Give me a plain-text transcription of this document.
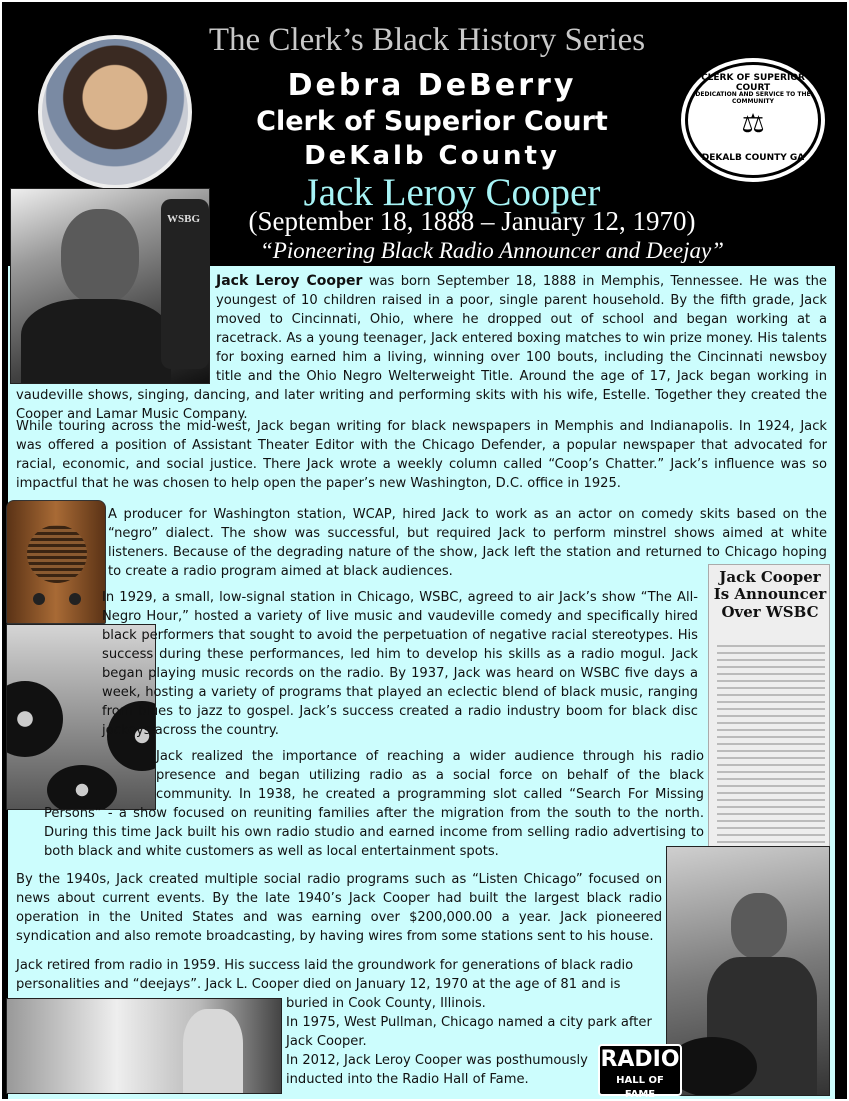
The Clerk’s Black History Series
Debra DeBerry
Clerk of Superior Court
DeKalb County
CLERK OF SUPERIOR COURT
DEDICATION AND SERVICE TO THE COMMUNITY
⚖
DEKALB COUNTY GA
Jack Leroy Cooper
(September 18, 1888 – January 12, 1970)
“Pioneering Black Radio Announcer and Deejay”
WSBG
Jack Leroy Cooper was born September 18, 1888 in Memphis, Tennessee. He was the youngest of 10 children raised in a poor, single parent household. By the fifth grade, Jack moved to Cincinnati, Ohio, where he dropped out of school and began working at a racetrack. As a young teenager, Jack entered boxing matches to win prize money. His talents for boxing earned him a living, winning over 100 bouts, including the Cincinnati newsboy title and the Ohio Negro Welterweight Title. Around the age of 17, Jack began working in vaudeville shows, singing, dancing, and later writing and performing skits with his wife, Estelle. Together they created the Cooper and Lamar Music Company.
While touring across the mid-west, Jack began writing for black newspapers in Memphis and Indianapolis. In 1924, Jack was offered a position of Assistant Theater Editor with the Chicago Defender, a popular newspaper that advocated for racial, economic, and social justice. There Jack wrote a weekly column called “Coop’s Chatter.” Jack’s influence was so impactful that he was chosen to help open the paper’s new Washington, D.C. office in 1925.
A producer for Washington station, WCAP, hired Jack to work as an actor on comedy skits based on the “negro” dialect. The show was successful, but required Jack to perform minstrel shows aimed at white listeners. Because of the degrading nature of the show, Jack left the station and returned to Chicago hoping to create a radio program aimed at black audiences.	Jack Cooper
Is Announcer
Over WSBC
In 1929, a small, low-signal station in Chicago, WSBC, agreed to air Jack’s show “The All-Negro Hour,” hosted a variety of live music and vaudeville comedy and specifically hired black performers that sought to avoid the perpetuation of negative racial stereotypes. His success during these performances, led him to develop his skills as a radio mogul. Jack began playing music records on the radio. By 1937, Jack was heard on WSBC five days a week, hosting a variety of programs that played an eclectic blend of black music, ranging from blues to jazz to gospel. Jack’s success created a radio industry boom for black disc jockeys across the country.
Jack realized the importance of reaching a wider audience through his radio presence and began utilizing radio as a social force on behalf of the black community. In 1938, he created a programming slot called “Search For Missing Persons” - a show focused on reuniting families after the migration from the south to the north. During this time Jack built his own radio studio and earned income from selling radio advertising to both black and white customers as well as local entertainment spots.
By the 1940s, Jack created multiple social radio programs such as “Listen Chicago” focused on news about current events. By the late 1940’s Jack Cooper had built the largest black radio operation in the United States and was earning over $200,000.00 a year. Jack pioneered syndication and also remote broadcasting, by having wires from some stations sent to his house.
Jack retired from radio in 1959. His success laid the groundwork for generations of black radio
personalities and “deejays”. Jack L. Cooper died on January 12, 1970 at the age of 81 and is
buried in Cook County, Illinois.
In 1975, West Pullman, Chicago named a city park after Jack Cooper.
In 2012, Jack Leroy Cooper was posthumously inducted into the Radio Hall of Fame.
RADIO
HALL OF FAME
